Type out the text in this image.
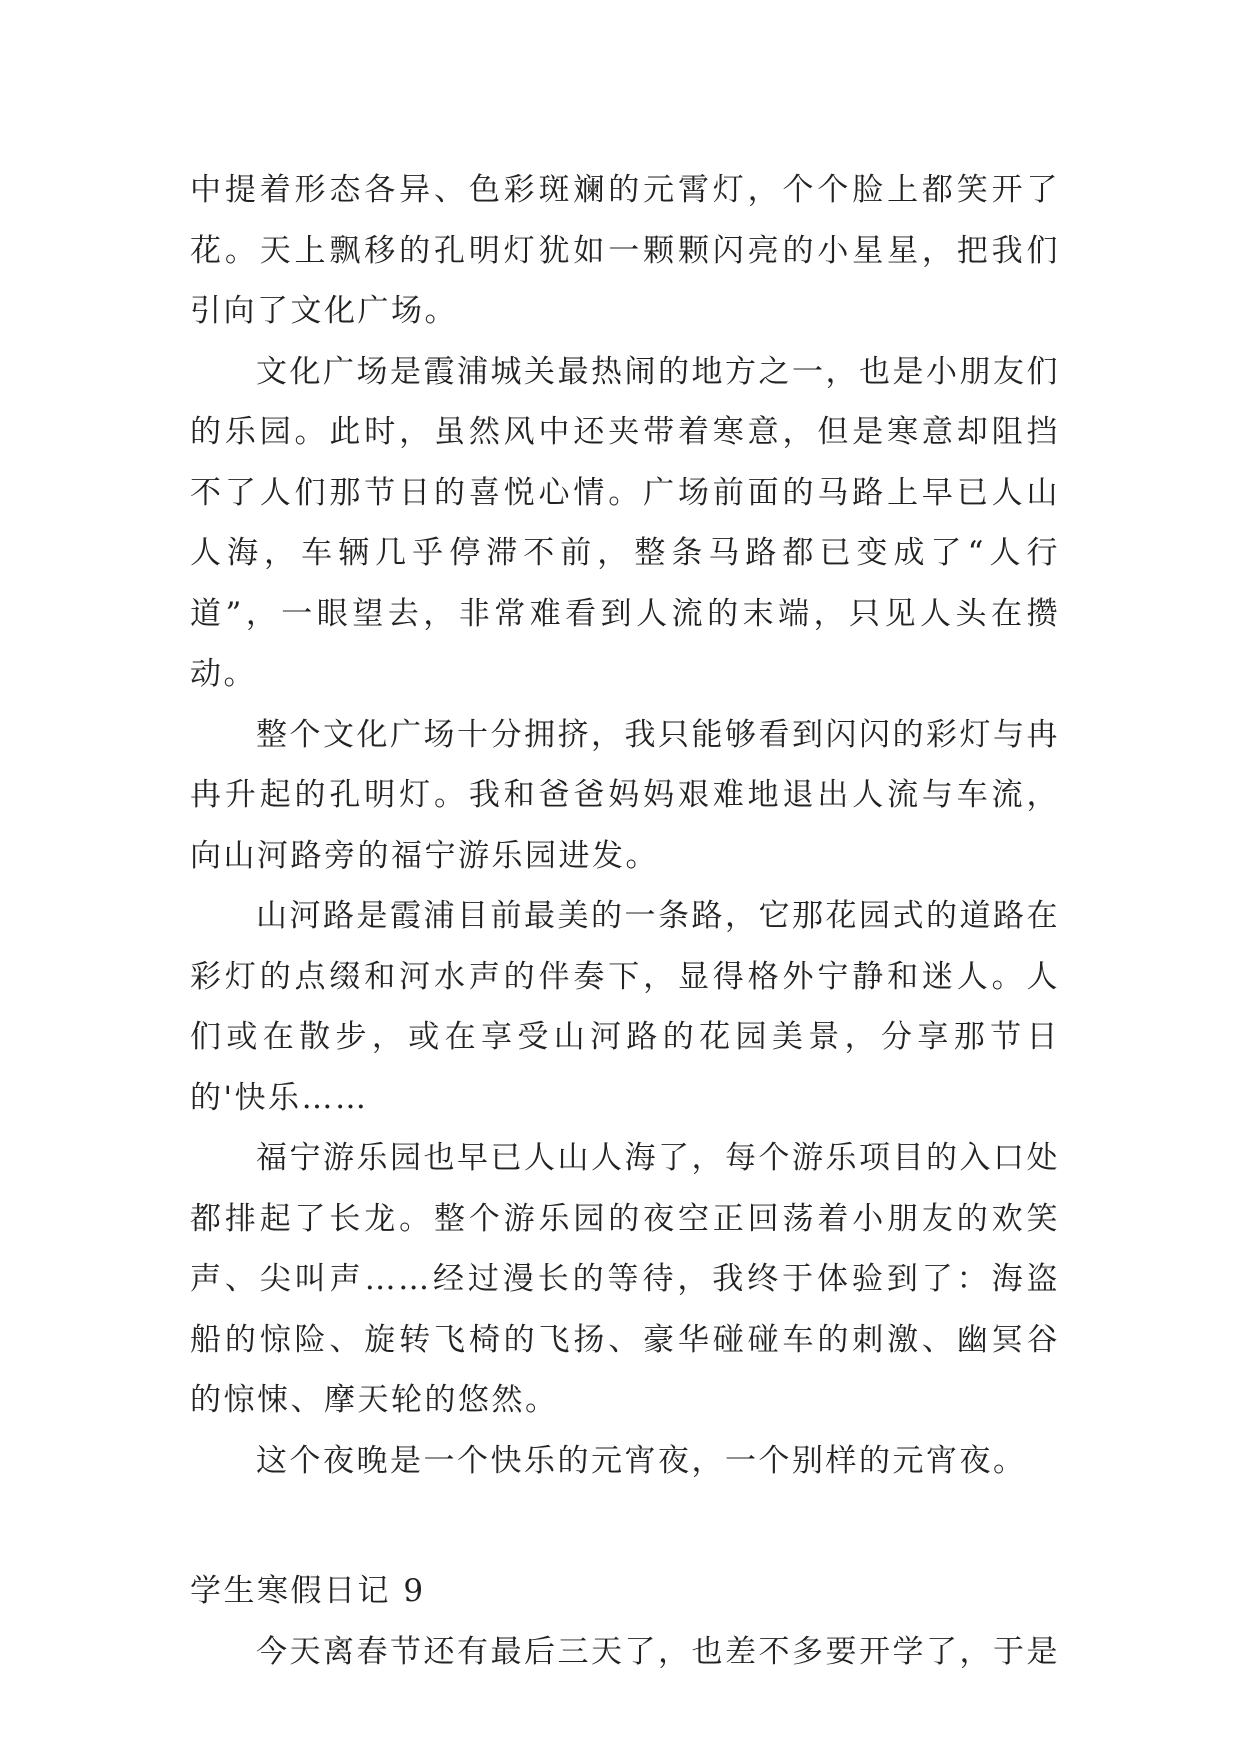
中提着形态各异、色彩斑斓的元霄灯，个个脸上都笑开了花。天上飘移的孔明灯犹如一颗颗闪亮的小星星，把我们引向了文化广场。

文化广场是霞浦城关最热闹的地方之一，也是小朋友们的乐园。此时，虽然风中还夹带着寒意，但是寒意却阻挡不了人们那节日的喜悦心情。广场前面的马路上早已人山人海，车辆几乎停滞不前，整条马路都已变成了“人行道”，一眼望去，非常难看到人流的末端，只见人头在攒动。

整个文化广场十分拥挤，我只能够看到闪闪的彩灯与冉冉升起的孔明灯。我和爸爸妈妈艰难地退出人流与车流，向山河路旁的福宁游乐园进发。

山河路是霞浦目前最美的一条路，它那花园式的道路在彩灯的点缀和河水声的伴奏下，显得格外宁静和迷人。人们或在散步，或在享受山河路的花园美景，分享那节日的'快乐……

福宁游乐园也早已人山人海了，每个游乐项目的入口处都排起了长龙。整个游乐园的夜空正回荡着小朋友的欢笑声、尖叫声……经过漫长的等待，我终于体验到了：海盗船的惊险、旋转飞椅的飞扬、豪华碰碰车的刺激、幽冥谷的惊悚、摩天轮的悠然。

这个夜晚是一个快乐的元宵夜，一个别样的元宵夜。

学生寒假日记 9

今天离春节还有最后三天了，也差不多要开学了，于是
